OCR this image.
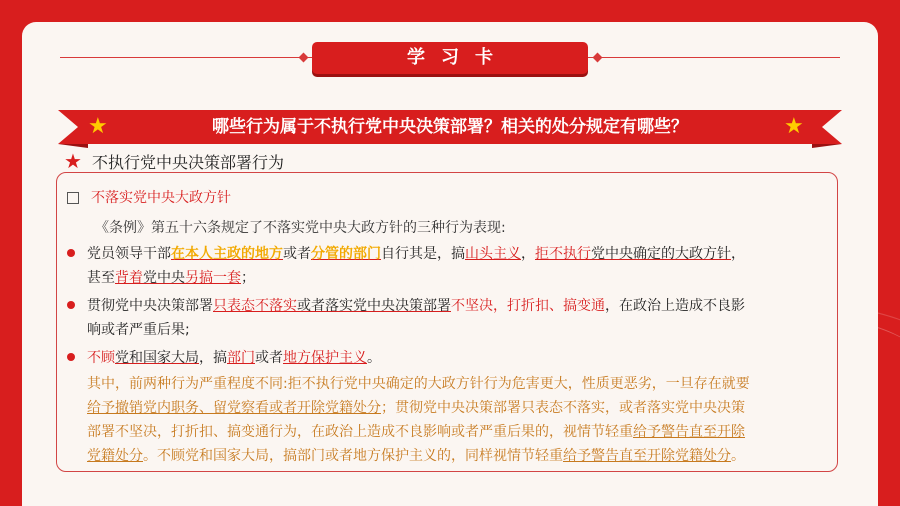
学习卡
★	哪些行为属于不执行党中央决策部署？相关的处分规定有哪些？	★
★ 不执行党中央决策部署行为
不落实党中央大政方针
《条例》第五十六条规定了不落实党中央大政方针的三种行为表现:
党员领导干部 在本人主政的地方 或者 分管的部门 自行其是，搞 山头主义 ， 拒不执行 党中央确定的 大政方针 ，
甚至背着党中央另搞一套；
贯彻党中央决策部署 只表态不落实 或者落实党中央决策部署 不坚决，打折扣、搞变通 ，在政治上造成不良影
响或者严重后果;
不顾 党和国家大局 ，搞 部门 或者 地方保护主义 。
其中，前两种行为严重程度不同:拒不执行党中央确定的大政方针行为危害更大，性质更恶劣，一旦存在就要
给予撤销党内职务、留党察看或者开除党籍处分；贯彻党中央决策部署只表态不落实，或者落实党中央决策
部署不坚决，打折扣、搞变通行为，在政治上造成不良影响或者严重后果的，视情节轻重给予警告直至开除
党籍处分。不顾党和国家大局，搞部门或者地方保护主义的，同样视情节轻重给予警告直至开除党籍处分。
